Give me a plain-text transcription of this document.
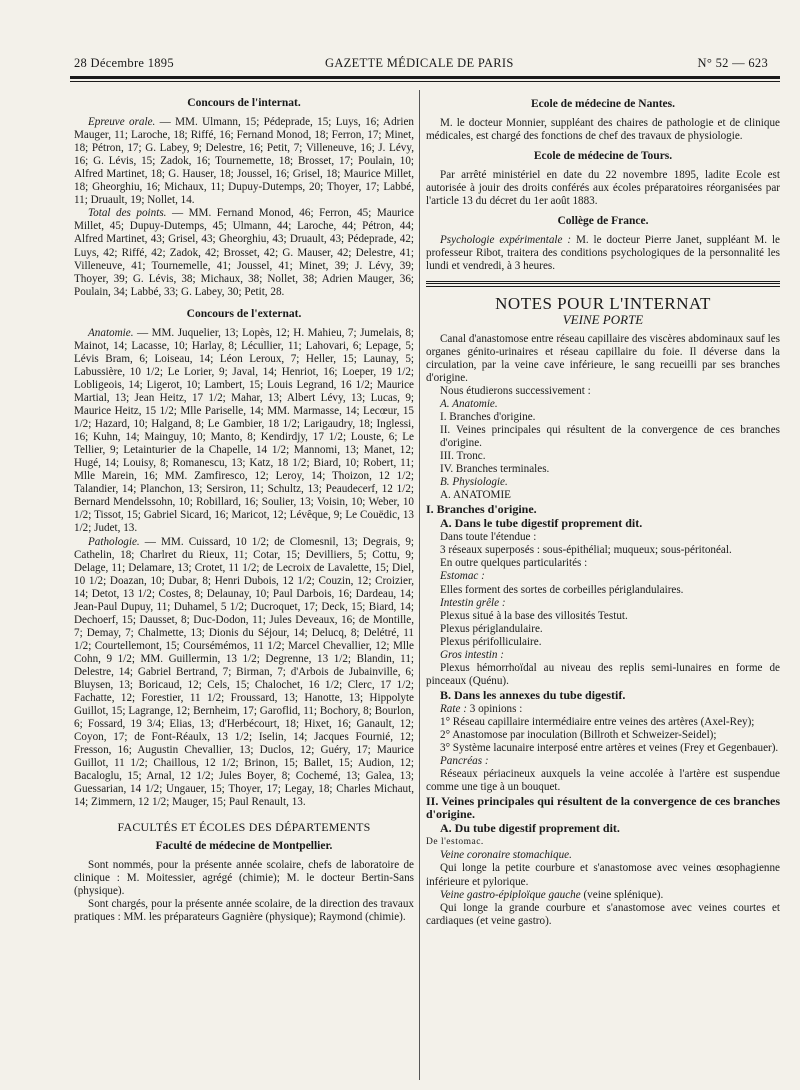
28 Décembre 1895	GAZETTE MÉDICALE DE PARIS	N° 52 — 623
Concours de l'internat.

Epreuve orale. — MM. Ulmann, 15; Pédeprade, 15; Luys, 16; Adrien Mauger, 11; Laroche, 18; Riffé, 16; Fernand Monod, 18; Ferron, 17; Minet, 18; Pétron, 17; G. Labey, 9; Delestre, 16; Petit, 7; Villeneuve, 16; J. Lévy, 16; G. Lévis, 15; Zadok, 16; Tournemette, 18; Brosset, 17; Poulain, 10; Alfred Martinet, 18; G. Hauser, 18; Joussel, 16; Grisel, 18; Maurice Millet, 18; Gheorghiu, 16; Michaux, 11; Dupuy-Dutemps, 20; Thoyer, 17; Labbé, 11; Druault, 19; Nollet, 14.

Total des points. — MM. Fernand Monod, 46; Ferron, 45; Maurice Millet, 45; Dupuy-Dutemps, 45; Ulmann, 44; Laroche, 44; Pétron, 44; Alfred Martinet, 43; Grisel, 43; Gheorghiu, 43; Druault, 43; Pédeprade, 42; Luys, 42; Riffé, 42; Zadok, 42; Brosset, 42; G. Mauser, 42; Delestre, 41; Villeneuve, 41; Tournemelle, 41; Joussel, 41; Minet, 39; J. Lévy, 39; Thoyer, 39; G. Lévis, 38; Michaux, 38; Nollet, 38; Adrien Mauger, 36; Poulain, 34; Labbé, 33; G. Labey, 30; Petit, 28.

Concours de l'externat.

Anatomie. — MM. Juquelier, 13; Lopès, 12; H. Mahieu, 7; Jumelais, 8; Mainot, 14; Lacasse, 10; Harlay, 8; Lécullier, 11; Lahovari, 6; Lepage, 5; Lévis Bram, 6; Loiseau, 14; Léon Leroux, 7; Heller, 15; Launay, 5; Labussière, 10 1/2; Le Lorier, 9; Javal, 14; Henriot, 16; Loeper, 19 1/2; Lobligeois, 14; Ligerot, 10; Lambert, 15; Louis Legrand, 16 1/2; Maurice Martial, 13; Jean Heitz, 17 1/2; Mahar, 13; Albert Lévy, 13; Lucas, 9; Maurice Heitz, 15 1/2; Mlle Pariselle, 14; MM. Marmasse, 14; Lecœur, 15 1/2; Hazard, 10; Halgand, 8; Le Gambier, 18 1/2; Larigaudry, 18; Inglessi, 16; Kuhn, 14; Mainguy, 10; Manto, 8; Kendirdjy, 17 1/2; Louste, 6; Le Tellier, 9; Letainturier de la Chapelle, 14 1/2; Mannomi, 13; Manet, 12; Hugé, 14; Louisy, 8; Romanescu, 13; Katz, 18 1/2; Biard, 10; Robert, 11; Mlle Marein, 16; MM. Zamfiresco, 12; Leroy, 14; Thoizon, 12 1/2; Talandier, 14; Planchon, 13; Sersiron, 11; Schultz, 13; Peaudecerf, 12 1/2; Bernard Mendelssohn, 10; Robillard, 16; Soulier, 13; Voisin, 10; Weber, 10 1/2; Tissot, 15; Gabriel Sicard, 16; Maricot, 12; Lévêque, 9; Le Couëdic, 13 1/2; Judet, 13.

Pathologie. — MM. Cuissard, 10 1/2; de Clomesnil, 13; Degrais, 9; Cathelin, 18; Charlret du Rieux, 11; Cotar, 15; Devilliers, 5; Cottu, 9; Delage, 11; Delamare, 13; Crotet, 11 1/2; de Lecroix de Lavalette, 15; Diel, 10 1/2; Doazan, 10; Dubar, 8; Henri Dubois, 12 1/2; Couzin, 12; Croizier, 14; Detot, 13 1/2; Costes, 8; Delaunay, 10; Paul Darbois, 16; Dardeau, 14; Jean-Paul Dupuy, 11; Duhamel, 5 1/2; Ducroquet, 17; Deck, 15; Biard, 14; Dechoerf, 15; Dausset, 8; Duc-Dodon, 11; Jules Deveaux, 16; de Montille, 7; Demay, 7; Chalmette, 13; Dionis du Séjour, 14; Delucq, 8; Delétré, 11 1/2; Courtellemont, 15; Coursémémos, 11 1/2; Marcel Chevallier, 12; Mlle Cohn, 9 1/2; MM. Guillermin, 13 1/2; Degrenne, 13 1/2; Blandin, 11; Delestre, 14; Gabriel Bertrand, 7; Birman, 7; d'Arbois de Jubainville, 6; Bluysen, 13; Boricaud, 12; Cels, 15; Chalochet, 16 1/2; Clerc, 17 1/2; Fachatte, 12; Forestier, 11 1/2; Froussard, 13; Hanotte, 13; Hippolyte Guillot, 15; Lagrange, 12; Bernheim, 17; Garoflid, 11; Bochory, 8; Bourlon, 6; Fossard, 19 3/4; Elias, 13; d'Herbécourt, 18; Hixet, 16; Ganault, 12; Coyon, 17; de Font-Réaulx, 13 1/2; Iselin, 14; Jacques Fournié, 12; Fresson, 16; Augustin Chevallier, 13; Duclos, 12; Guéry, 17; Maurice Guillot, 11 1/2; Chaillous, 12 1/2; Brinon, 15; Ballet, 15; Audion, 12; Bacaloglu, 15; Arnal, 12 1/2; Jules Boyer, 8; Cochemé, 13; Galea, 13; Guessarian, 14 1/2; Ungauer, 15; Thoyer, 17; Legay, 18; Charles Michaut, 14; Zimmern, 12 1/2; Mauger, 15; Paul Renault, 13.

FACULTÉS ET ÉCOLES DES DÉPARTEMENTS
Faculté de médecine de Montpellier.

Sont nommés, pour la présente année scolaire, chefs de laboratoire de clinique : M. Moitessier, agrégé (chimie); M. le docteur Bertin-Sans (physique).

Sont chargés, pour la présente année scolaire, de la direction des travaux pratiques : MM. les préparateurs Gagnière (physique); Raymond (chimie).

Ecole de médecine de Nantes.

M. le docteur Monnier, suppléant des chaires de pathologie et de clinique médicales, est chargé des fonctions de chef des travaux de physiologie.

Ecole de médecine de Tours.

Par arrêté ministériel en date du 22 novembre 1895, ladite Ecole est autorisée à jouir des droits conférés aux écoles préparatoires réorganisées par l'article 13 du décret du 1er août 1883.

Collège de France.

Psychologie expérimentale : M. le docteur Pierre Janet, suppléant M. le professeur Ribot, traitera des conditions psychologiques de la personnalité les lundi et vendredi, à 3 heures.

NOTES POUR L'INTERNAT
VEINE PORTE

Canal d'anastomose entre réseau capillaire des viscères abdominaux sauf les organes génito-urinaires et réseau capillaire du foie. Il déverse dans la circulation, par la veine cave inférieure, le sang recueilli par ses branches d'origine.

Nous étudierons successivement :

A. Anatomie.

I. Branches d'origine.

II. Veines principales qui résultent de la convergence de ces branches d'origine.

III. Tronc.

IV. Branches terminales.

B. Physiologie.

A. ANATOMIE

I. Branches d'origine.
A. Dans le tube digestif proprement dit.

Dans toute l'étendue :

3 réseaux superposés : sous-épithélial; muqueux; sous-péritonéal.

En outre quelques particularités :

Estomac :

Elles forment des sortes de corbeilles périglandulaires.

Intestin grêle :

Plexus situé à la base des villosités Testut.

Plexus périglandulaire.

Plexus périfolliculaire.

Gros intestin :

Plexus hémorrhoïdal au niveau des replis semi-lunaires en forme de pinceaux (Quénu).

B. Dans les annexes du tube digestif.

Rate : 3 opinions :

1° Réseau capillaire intermédiaire entre veines des artères (Axel-Rey);

2° Anastomose par inoculation (Billroth et Schweizer-Seidel);

3° Système lacunaire interposé entre artères et veines (Frey et Gegenbauer).

Pancréas :

Réseaux périacineux auxquels la veine accolée à l'artère est suspendue comme une tige à un bouquet.

II. Veines principales qui résultent de la convergence de ces branches d'origine.
A. Du tube digestif proprement dit.

De l'estomac.

Veine coronaire stomachique.

Qui longe la petite courbure et s'anastomose avec veines œsophagienne inférieure et pylorique.

Veine gastro-épiploïque gauche (veine splénique).

Qui longe la grande courbure et s'anastomose avec veines courtes et cardiaques (et veine gastro).
